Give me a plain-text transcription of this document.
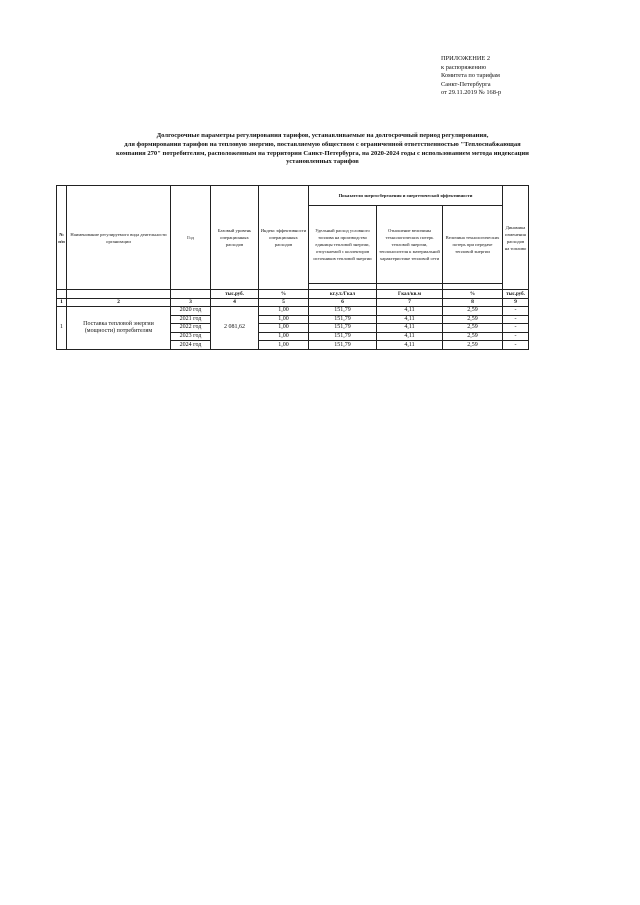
ПРИЛОЖЕНИЕ 2
к распоряжению
Комитета по тарифам
Санкт-Петербурга
от 29.11.2019 № 168-р
Долгосрочные параметры регулирования тарифов, устанавливаемые на долгосрочный период регулирования,
для формирования тарифов на тепловую энергию, поставляемую обществом с ограниченной ответственностью "Теплоснабжающая
компания 270" потребителям, расположенным на территории Санкт-Петербурга, на 2020-2024 годы с использованием метода индексации
установленных тарифов
№ п/п	Наименование регулируемого вида деятельности организации	Год	Базовый уровень операционных расходов	Индекс эффективности операционных расходов	Показатели энергосбережения и энергетической эффективности			Динамика изменения расходов на топливо
					Удельный расход условного топлива на производство единицы тепловой энергии, отпускаемой с коллекторов источников тепловой энергии	Отношение величины технологических потерь тепловой энергии, теплоносителя к материальной характеристике тепловой сети	Величина технологических потерь при передаче тепловой энергии	

			тыс.руб.	%	кг.у.т./Гкал	Гкал/кв.м	%	тыс.руб.
1	2	3	4	5	6	7	8	9
1	Поставка тепловой энергии (мощности) потребителям	2020 год	2 081,62	1,00	151,79	4,11	2,59	-
		2021 год		1,00	151,79	4,11	2,59	-
		2022 год		1,00	151,79	4,11	2,59	-
		2023 год		1,00	151,79	4,11	2,59	-
		2024 год		1,00	151,79	4,11	2,59	-
